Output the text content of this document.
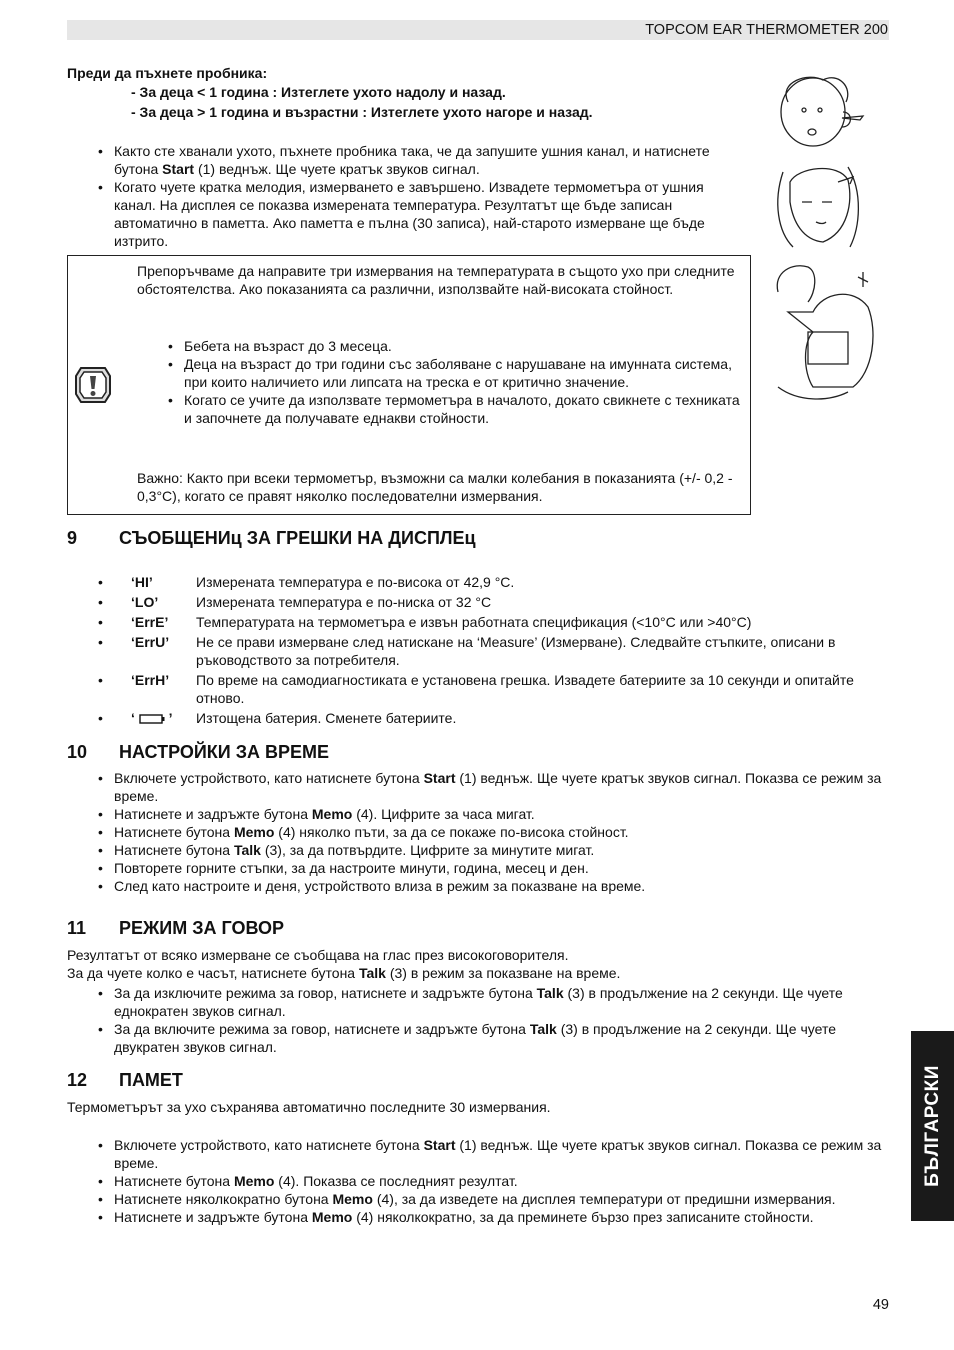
TOPCOM EAR THERMOMETER 200
Преди да пъхнете пробника:
- За деца < 1 година : Изтеглете ухото надолу и назад.
- За деца > 1 година и възрастни : Изтеглете ухото нагоре и назад.
• Както сте хванали ухото, пъхнете пробника така, че да запушите ушния канал, и натиснете бутона Start (1) веднъж. Ще чуете кратък звуков сигнал.
• Когато чуете кратка мелодия, измерването е завършено. Извадете термометъра от ушния канал. На дисплея се показва измерената температура. Резултатът ще бъде записан автоматично в паметта. Ако паметта е пълна (30 записа), най-старото измерване ще бъде изтрито.
Препоръчваме да направите три измервания на температурата в същото ухо при следните обстоятелства. Ако показанията са различни, използвайте най-високата стойност.
• Бебета на възраст до 3 месеца.
• Деца на възраст до три години със заболяване с нарушаване на имунната система, при които наличието или липсата на треска е от критично значение.
• Когато се учите да използвате термометъра в началото, докато свикнете с техниката и започнете да получавате еднакви стойности.
Важно: Както при всеки термометър, възможни са малки колебания в показанията (+/- 0,2 - 0,3°C), когато се правят няколко последователни измервания.
9 СЪОБЩЕНИц ЗА ГРЕШКИ НА ДИСПЛЕц
•	‘HI’	Измерената температура е по-висока от 42,9 °C.
•	‘LO’	Измерената температура е по-ниска от 32 °C
•	‘ErrE’	Температурата на термометъра е извън работната спецификация (<10°C или >40°C)
•	‘ErrU’	Не се прави измерване след натискане на ‘Measure’ (Измерване). Следвайте стъпките, описани в ръководството за потребителя.
•	‘ErrH’	По време на самодиагностиката е установена грешка. Извадете батериите за 10 секунди и опитайте отново.
•	‘  ’	Изтощена батерия. Сменете батериите.
10 НАСТРОЙКИ ЗА ВРЕМЕ
• Включете устройството, като натиснете бутона Start (1) веднъж. Ще чуете кратък звуков сигнал. Показва се режим за време.
• Натиснете и задръжте бутона Memo (4). Цифрите за часа мигат.
• Натиснете бутона Memo (4) няколко пъти, за да се покаже по-висока стойност.
• Натиснете бутона Talk (3), за да потвърдите. Цифрите за минутите мигат.
• Повторете горните стъпки, за да настроите минути, година, месец и ден.
• След като настроите и деня, устройството влиза в режим за показване на време.
11 РЕЖИМ ЗА ГОВОР
Резултатът от всяко измерване се съобщава на глас през високоговорителя.
За да чуете колко е часът, натиснете бутона Talk (3) в режим за показване на време.
• За да изключите режима за говор, натиснете и задръжте бутона Talk (3) в продължение на 2 секунди. Ще чуете еднократен звуков сигнал.
• За да включите режима за говор, натиснете и задръжте бутона Talk (3) в продължение на 2 секунди. Ще чуете двукратен звуков сигнал.
12 ПАМЕТ
Термометърът за ухо съхранява автоматично последните 30 измервания.
• Включете устройството, като натиснете бутона Start (1) веднъж. Ще чуете кратък звуков сигнал. Показва се режим за време.
• Натиснете бутона Memo (4). Показва се последният резултат.
• Натиснете няколкократно бутона Memo (4), за да изведете на дисплея температури от предишни измервания.
• Натиснете и задръжте бутона Memo (4) няколкократно, за да преминете бързо през записаните стойности.
БЪЛГАРСКИ
49
